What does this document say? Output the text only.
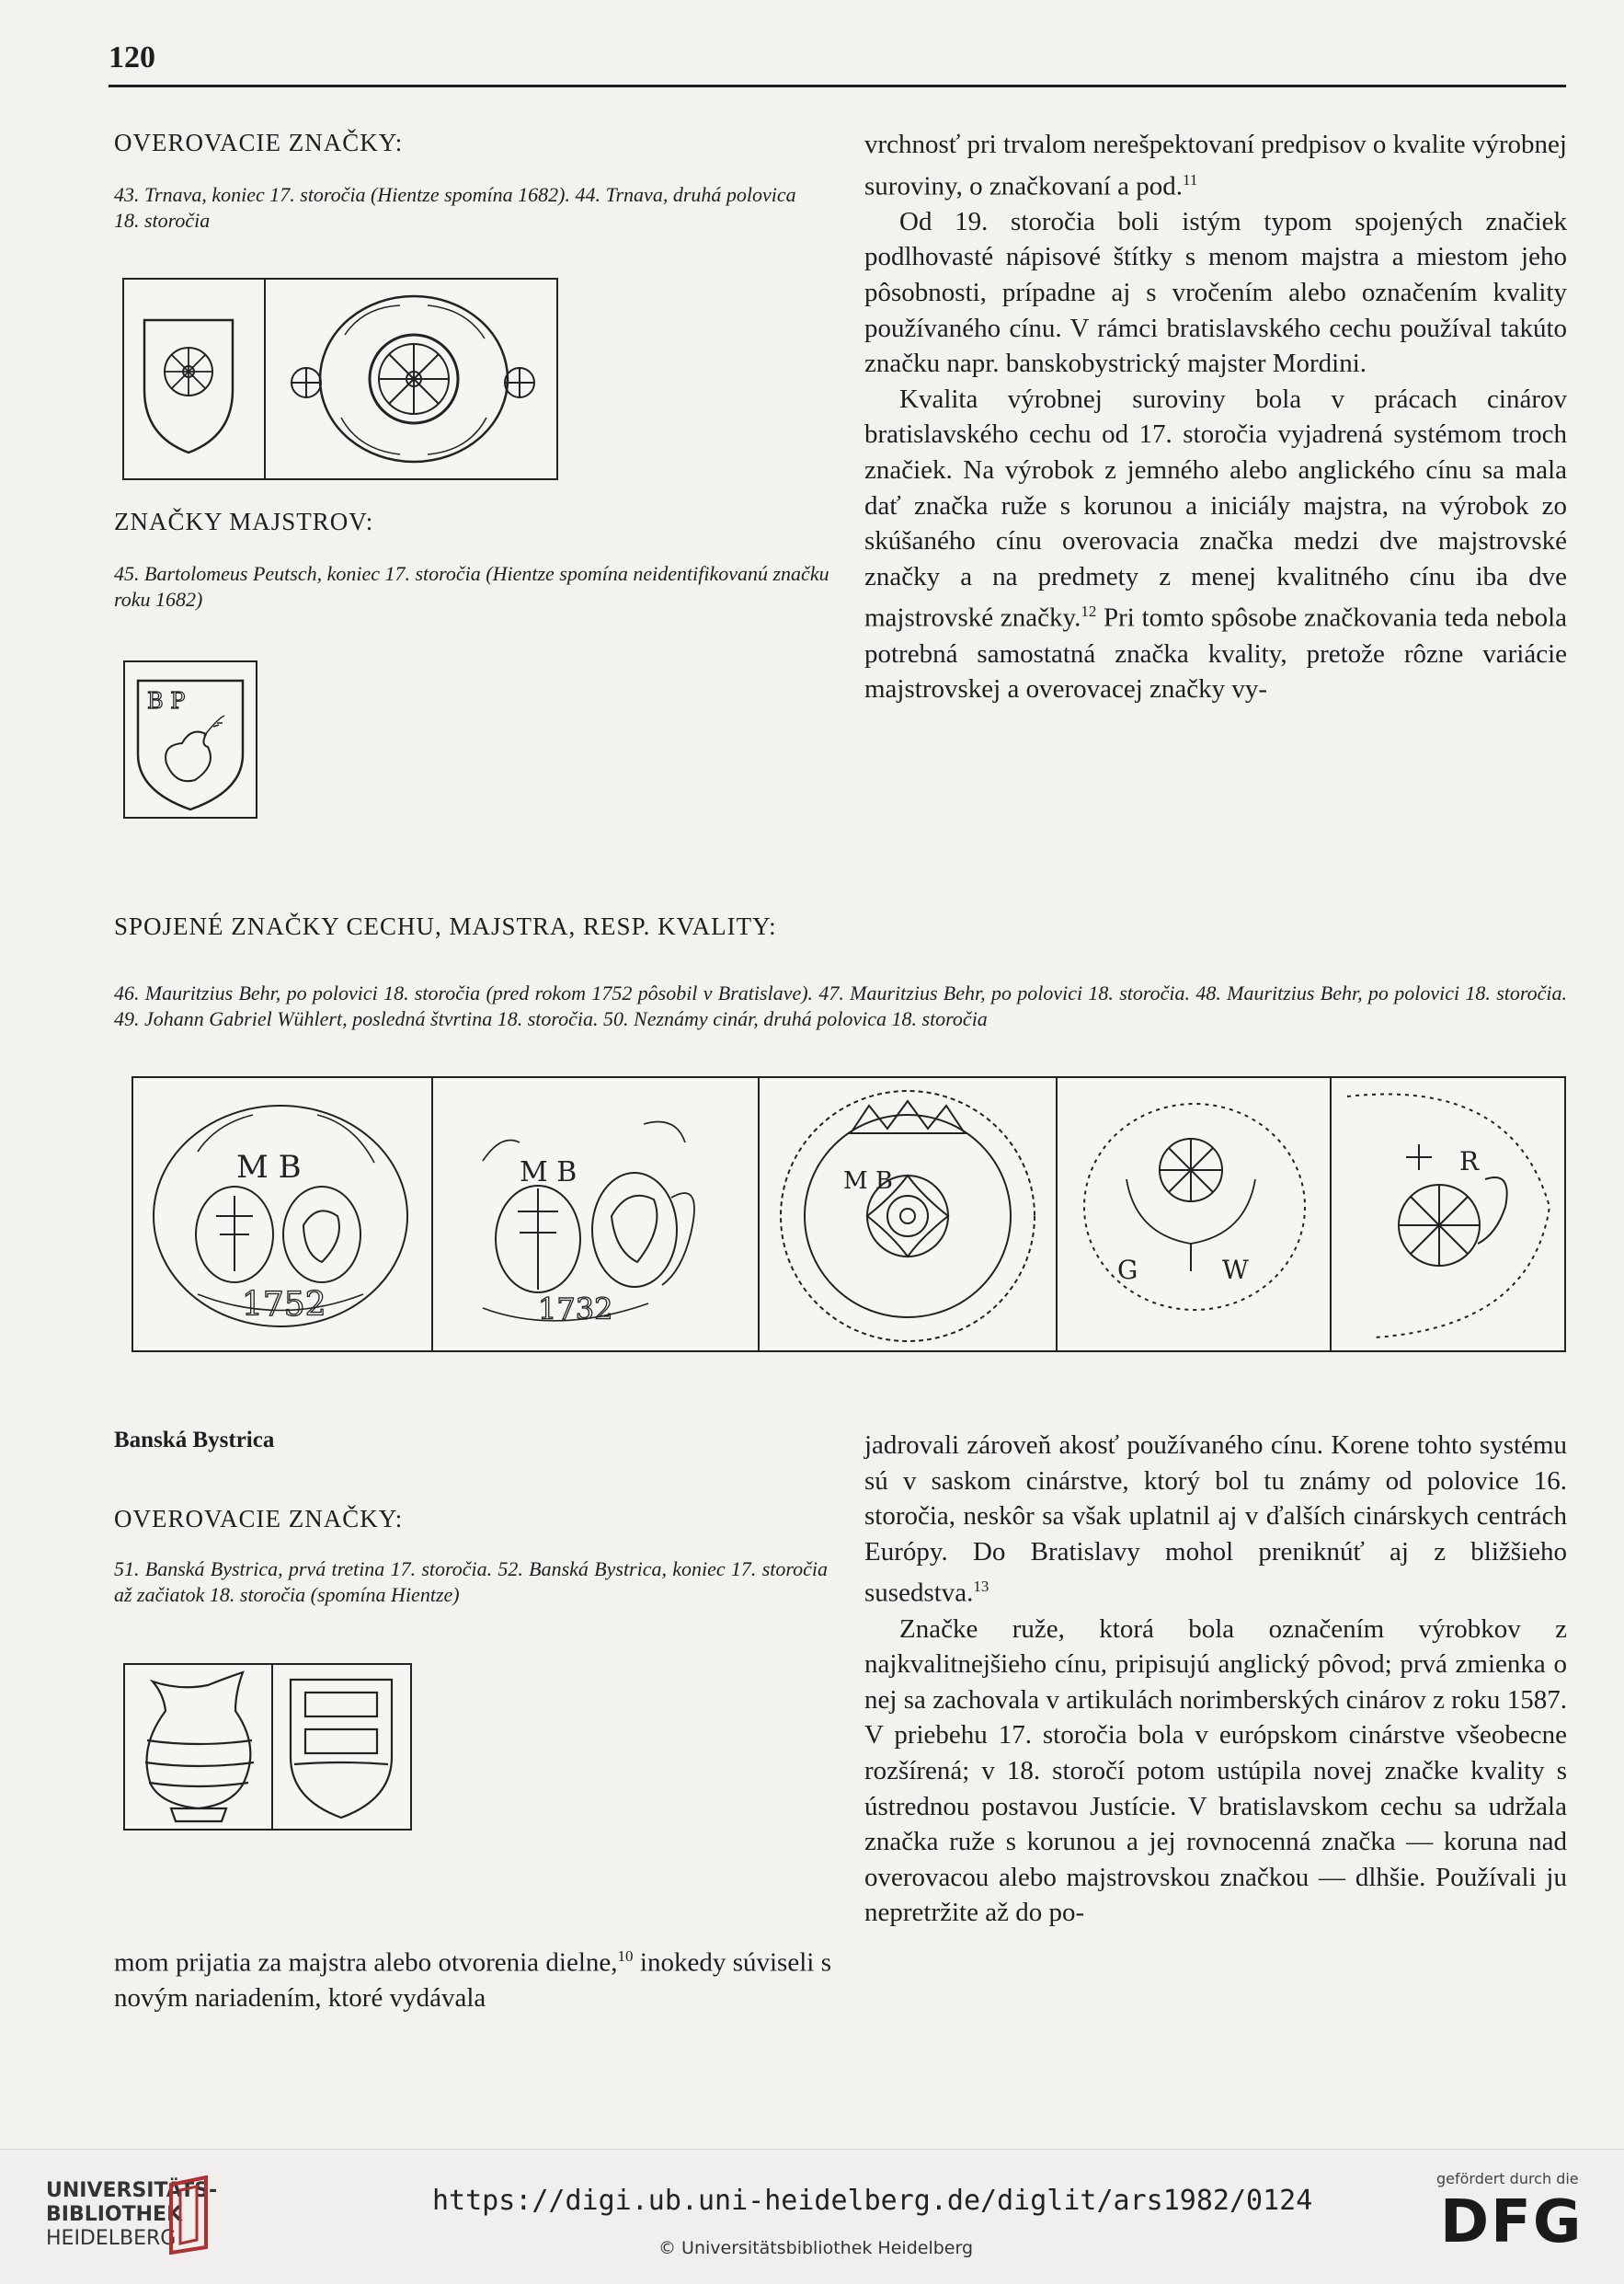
120
OVEROVACIE ZNAČKY:
43. Trnava, koniec 17. storočia (Hientze spomína 1682). 44. Trnava, druhá polovica 18. storočia
ZNAČKY MAJSTROV:
45. Bartolomeus Peutsch, koniec 17. storočia (Hientze spomína neidentifikovanú značku roku 1682)
B P

vrchnosť pri trvalom nerešpektovaní predpisov o kvalite výrobnej suroviny, o značkovaní a pod.$^{11}$

Od 19. storočia boli istým typom spojených značiek podlhovasté nápisové štítky s menom majstra a miestom jeho pôsobnosti, prípadne aj s vročením alebo označením kvality používaného cínu. V rámci bratislavského cechu používal takúto značku napr. banskobystrický majster Mordini.

Kvalita výrobnej suroviny bola v prácach cinárov bratislavského cechu od 17. storočia vyjadrená systémom troch značiek. Na výrobok z jemného alebo anglického cínu sa mala dať značka ruže s korunou a iniciály majstra, na výrobok zo skúšaného cínu overovacia značka medzi dve majstrovské značky a na predmety z menej kvalitného cínu iba dve majstrovské značky.$^{12}$ Pri tomto spôsobe značkovania teda nebola potrebná samostatná značka kvality, pretože rôzne variácie majstrovskej a overovacej značky vy-

SPOJENÉ ZNAČKY CECHU, MAJSTRA, RESP. KVALITY:
46. Mauritzius Behr, po polovici 18. storočia (pred rokom 1752 pôsobil v Bratislave). 47. Mauritzius Behr, po polovici 18. storočia. 48. Mauritzius Behr, po polovici 18. storočia. 49. Johann Gabriel Wühlert, posledná štvrtina 18. storočia. 50. Neznámy cinár, druhá polovica 18. storočia
M B
1752
M B
1732
M B
G	W
R
Banská Bystrica
OVEROVACIE ZNAČKY:
51. Banská Bystrica, prvá tretina 17. storočia. 52. Banská Bystrica, koniec 17. storočia až začiatok 18. storočia (spomína Hientze)

mom prijatia za majstra alebo otvorenia dielne,$^{10}$ inokedy súviseli s novým nariadením, ktoré vydávala

jadrovali zároveň akosť používaného cínu. Korene tohto systému sú v saskom cinárstve, ktorý bol tu známy od polovice 16. storočia, neskôr sa však uplatnil aj v ďalších cinárskych centrách Európy. Do Bratislavy mohol preniknúť aj z bližšieho susedstva.$^{13}$

Značke ruže, ktorá bola označením výrobkov z najkvalitnejšieho cínu, pripisujú anglický pôvod; prvá zmienka o nej sa zachovala v artikulách norimberských cinárov z roku 1587. V priebehu 17. storočia bola v európskom cinárstve všeobecne rozšírená; v 18. storočí potom ustúpila novej značke kvality s ústrednou postavou Justície. V bratislavskom cechu sa udržala značka ruže s korunou a jej rovnocenná značka — koruna nad overovacou alebo majstrovskou značkou — dlhšie. Používali ju nepretržite až do po-

UNIVERSITÄTS-
BIBLIOTHEK
HEIDELBERG
https://digi.ub.uni-heidelberg.de/diglit/ars1982/0124
© Universitätsbibliothek Heidelberg
gefördert durch die
DFG
